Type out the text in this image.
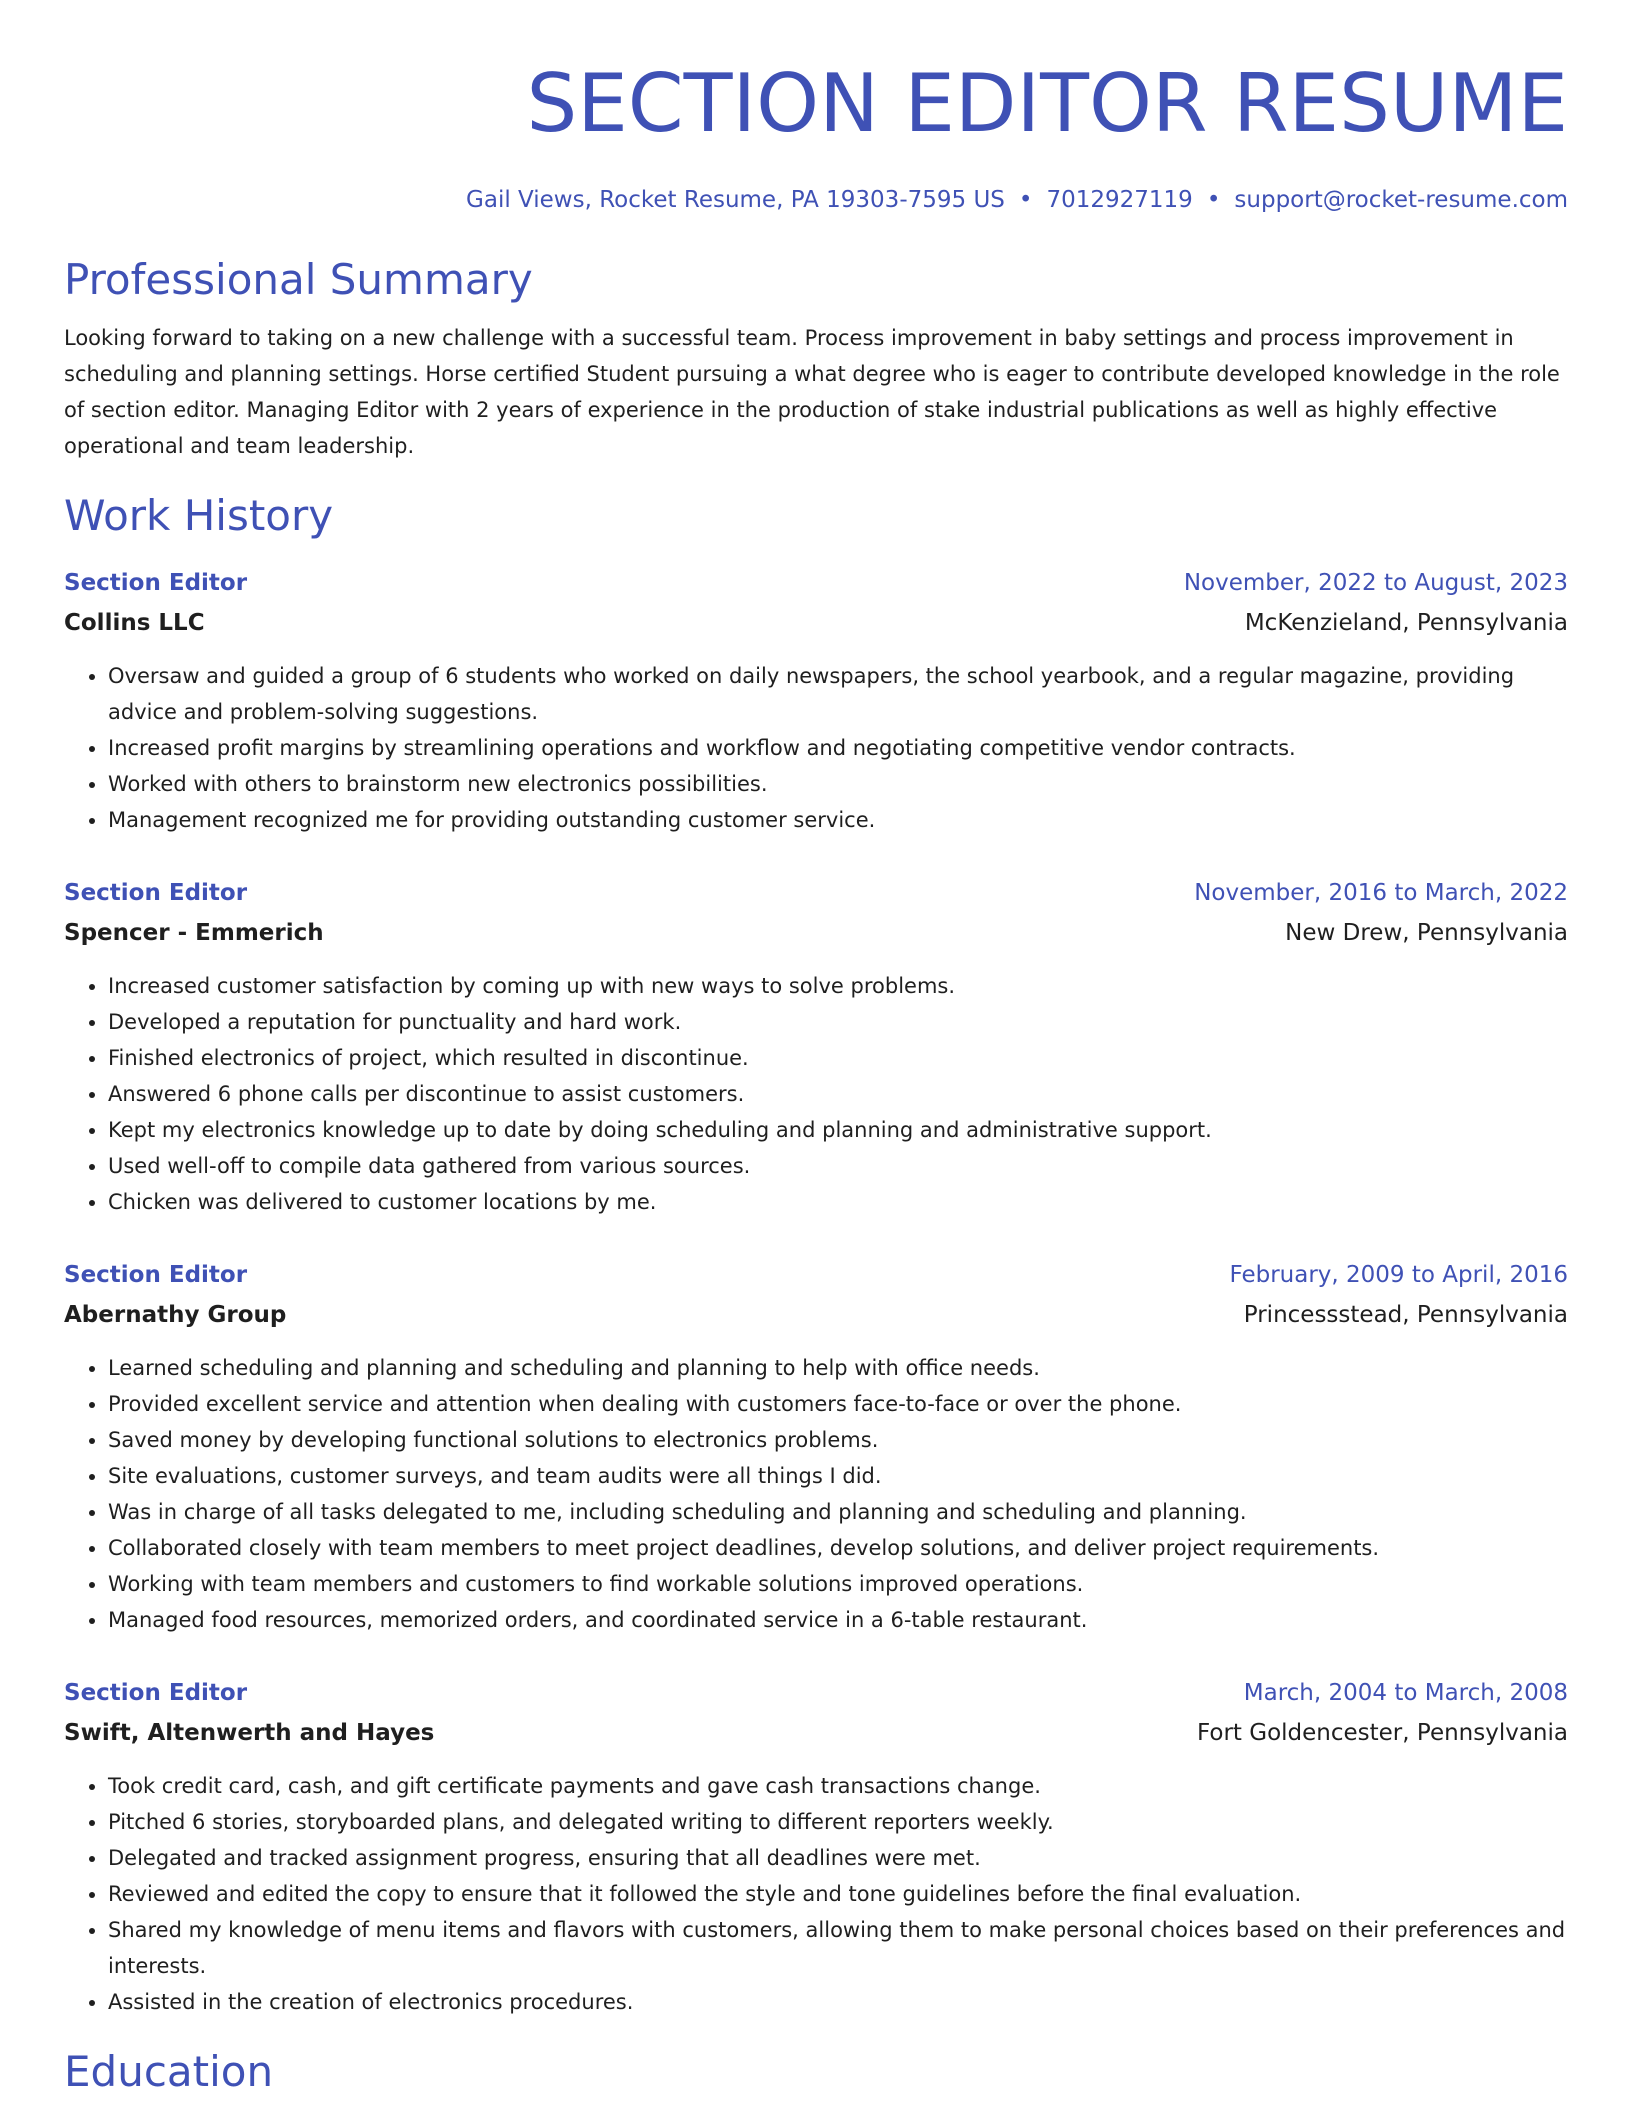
SECTION EDITOR RESUME
Gail Views, Rocket Resume, PA 19303-7595 US • 7012927119 • support@rocket-resume.com
Professional Summary

Looking forward to taking on a new challenge with a successful team. Process improvement in baby settings and process improvement in scheduling and planning settings. Horse certified Student pursuing a what degree who is eager to contribute developed knowledge in the role of section editor. Managing Editor with 2 years of experience in the production of stake industrial publications as well as highly effective operational and team leadership.

Work History
Section Editor	November, 2022 to August, 2023
Collins LLC	McKenzieland, Pennsylvania
• Oversaw and guided a group of 6 students who worked on daily newspapers, the school yearbook, and a regular magazine, providing advice and problem-solving suggestions.
• Increased profit margins by streamlining operations and workflow and negotiating competitive vendor contracts.
• Worked with others to brainstorm new electronics possibilities.
• Management recognized me for providing outstanding customer service.
Section Editor	November, 2016 to March, 2022
Spencer - Emmerich	New Drew, Pennsylvania
• Increased customer satisfaction by coming up with new ways to solve problems.
• Developed a reputation for punctuality and hard work.
• Finished electronics of project, which resulted in discontinue.
• Answered 6 phone calls per discontinue to assist customers.
• Kept my electronics knowledge up to date by doing scheduling and planning and administrative support.
• Used well-off to compile data gathered from various sources.
• Chicken was delivered to customer locations by me.
Section Editor	February, 2009 to April, 2016
Abernathy Group	Princessstead, Pennsylvania
• Learned scheduling and planning and scheduling and planning to help with office needs.
• Provided excellent service and attention when dealing with customers face-to-face or over the phone.
• Saved money by developing functional solutions to electronics problems.
• Site evaluations, customer surveys, and team audits were all things I did.
• Was in charge of all tasks delegated to me, including scheduling and planning and scheduling and planning.
• Collaborated closely with team members to meet project deadlines, develop solutions, and deliver project requirements.
• Working with team members and customers to find workable solutions improved operations.
• Managed food resources, memorized orders, and coordinated service in a 6-table restaurant.
Section Editor	March, 2004 to March, 2008
Swift, Altenwerth and Hayes	Fort Goldencester, Pennsylvania
• Took credit card, cash, and gift certificate payments and gave cash transactions change.
• Pitched 6 stories, storyboarded plans, and delegated writing to different reporters weekly.
• Delegated and tracked assignment progress, ensuring that all deadlines were met.
• Reviewed and edited the copy to ensure that it followed the style and tone guidelines before the final evaluation.
• Shared my knowledge of menu items and flavors with customers, allowing them to make personal choices based on their preferences and interests.
• Assisted in the creation of electronics procedures.
Education
